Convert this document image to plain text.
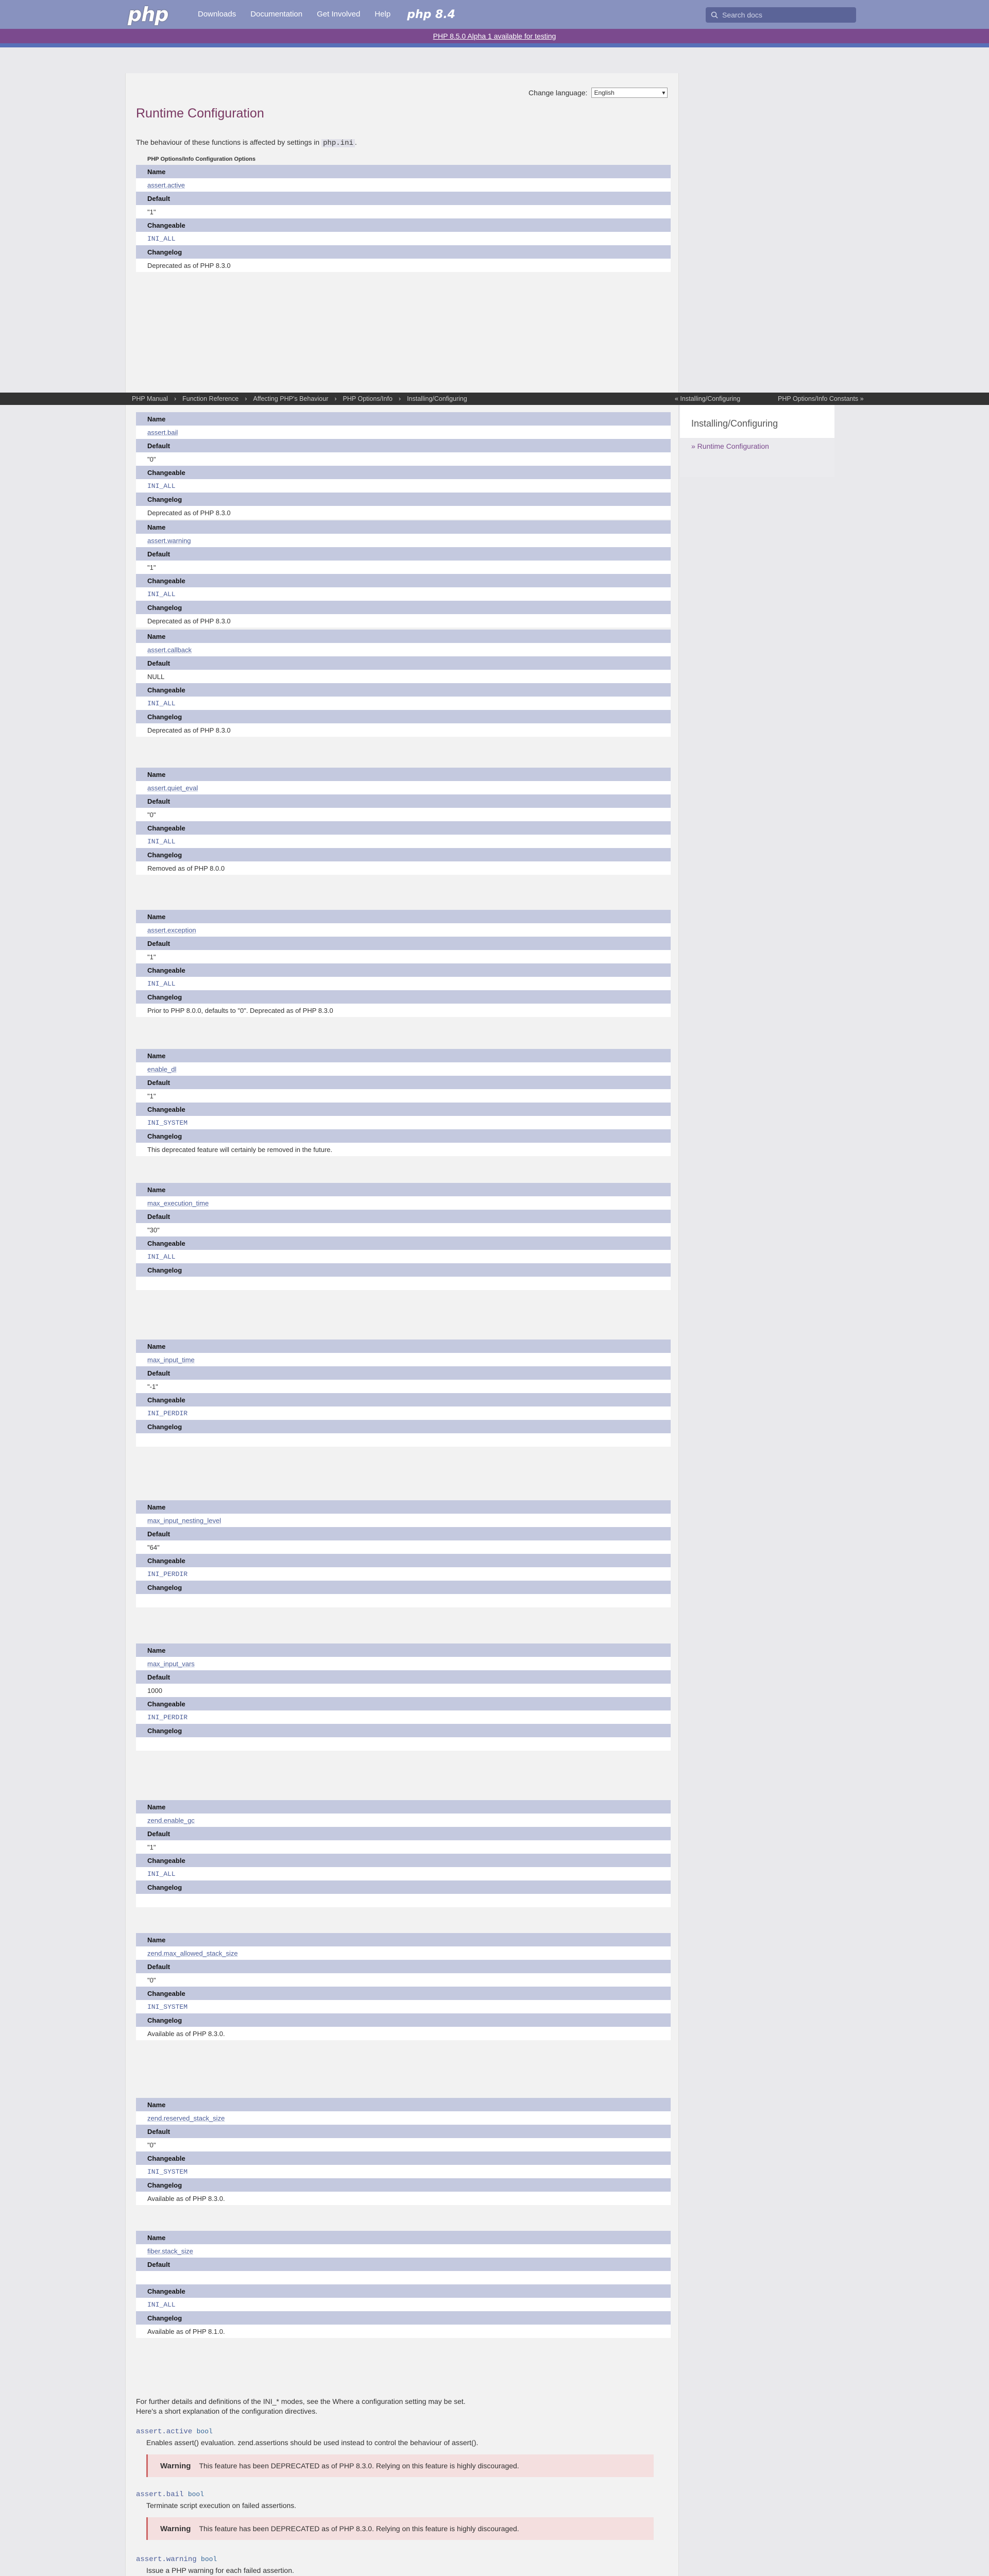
php	Downloads	Documentation	Get Involved	Help	php 8.4	Search docs
PHP 8.5.0 Alpha 1 available for testing
Change language: English	▾
Runtime Configuration
The behaviour of these functions is affected by settings in php.ini .
PHP Options/Info Configuration Options
Name
assert.active
Default
"1"
Changeable
INI_ALL
Changelog
Deprecated as of PHP 8.3.0
PHP Manual › Function Reference › Affecting PHP's Behaviour › PHP Options/Info › Installing/Configuring	« Installing/Configuring	PHP Options/Info Constants »
Installing/Configuring
» Runtime Configuration
Name
assert.bail
Default
"0"
Changeable
INI_ALL
Changelog
Deprecated as of PHP 8.3.0
Name
assert.warning
Default
"1"
Changeable
INI_ALL
Changelog
Deprecated as of PHP 8.3.0
Name
assert.callback
Default
NULL
Changeable
INI_ALL
Changelog
Deprecated as of PHP 8.3.0
Name
assert.quiet_eval
Default
"0"
Changeable
INI_ALL
Changelog
Removed as of PHP 8.0.0
Name
assert.exception
Default
"1"
Changeable
INI_ALL
Changelog
Prior to PHP 8.0.0, defaults to "0". Deprecated as of PHP 8.3.0
Name
enable_dl
Default
"1"
Changeable
INI_SYSTEM
Changelog
This deprecated feature will certainly be removed in the future.
Name
max_execution_time
Default
"30"
Changeable
INI_ALL
Changelog
Name
max_input_time
Default
"-1"
Changeable
INI_PERDIR
Changelog
Name
max_input_nesting_level
Default
"64"
Changeable
INI_PERDIR
Changelog
Name
max_input_vars
Default
1000
Changeable
INI_PERDIR
Changelog
Name
zend.enable_gc
Default
"1"
Changeable
INI_ALL
Changelog
Name
zend.max_allowed_stack_size
Default
"0"
Changeable
INI_SYSTEM
Changelog
Available as of PHP 8.3.0.
Name
zend.reserved_stack_size
Default
"0"
Changeable
INI_SYSTEM
Changelog
Available as of PHP 8.3.0.
Name
fiber.stack_size
Default
Changeable
INI_ALL
Changelog
Available as of PHP 8.1.0.
For further details and definitions of the INI_* modes, see the Where a configuration setting may be set.
Here's a short explanation of the configuration directives.
assert.active bool
Enables assert() evaluation. zend.assertions should be used instead to control the behaviour of assert().
Warning This feature has been DEPRECATED as of PHP 8.3.0. Relying on this feature is highly discouraged.
assert.bail bool
Terminate script execution on failed assertions.
Warning This feature has been DEPRECATED as of PHP 8.3.0. Relying on this feature is highly discouraged.
assert.warning bool
Issue a PHP warning for each failed assertion.
